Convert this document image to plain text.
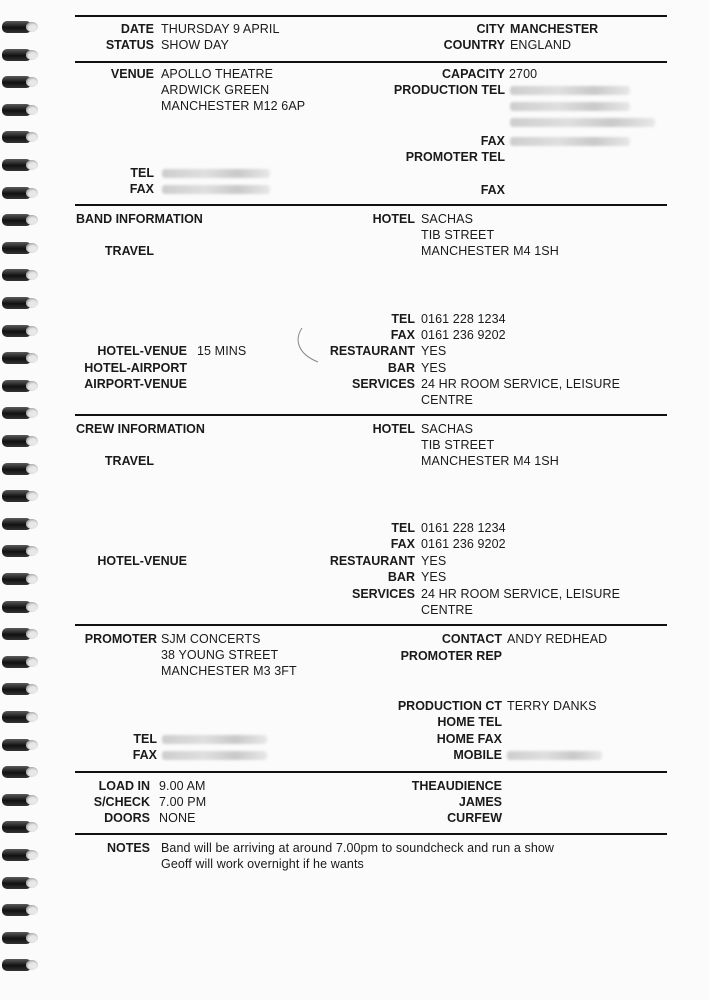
DATE THURSDAY 9 APRIL
STATUS SHOW DAY
CITY MANCHESTER
COUNTRY ENGLAND
VENUE APOLLO THEATRE
ARDWICK GREEN
MANCHESTER M12 6AP
TEL
FAX
CAPACITY 2700
PRODUCTION TEL
FAX
PROMOTER TEL
FAX
BAND INFORMATION
TRAVEL
HOTEL SACHAS
TIB STREET
MANCHESTER M4 1SH
TEL 0161 228 1234
FAX 0161 236 9202
RESTAURANT YES
BAR YES
SERVICES 24 HR ROOM SERVICE, LEISURE
CENTRE
HOTEL-VENUE 15 MINS
HOTEL-AIRPORT
AIRPORT-VENUE
CREW INFORMATION
TRAVEL
HOTEL SACHAS
TIB STREET
MANCHESTER M4 1SH
TEL 0161 228 1234
FAX 0161 236 9202
RESTAURANT YES
BAR YES
SERVICES 24 HR ROOM SERVICE, LEISURE
CENTRE
HOTEL-VENUE
PROMOTER SJM CONCERTS
38 YOUNG STREET
MANCHESTER M3 3FT
TEL
FAX
CONTACT ANDY REDHEAD
PROMOTER REP
PRODUCTION CT TERRY DANKS
HOME TEL
HOME FAX
MOBILE
LOAD IN 9.00 AM
S/CHECK 7.00 PM
DOORS NONE
THEAUDIENCE
JAMES
CURFEW
NOTES Band will be arriving at around 7.00pm to soundcheck and run a show
Geoff will work overnight if he wants
